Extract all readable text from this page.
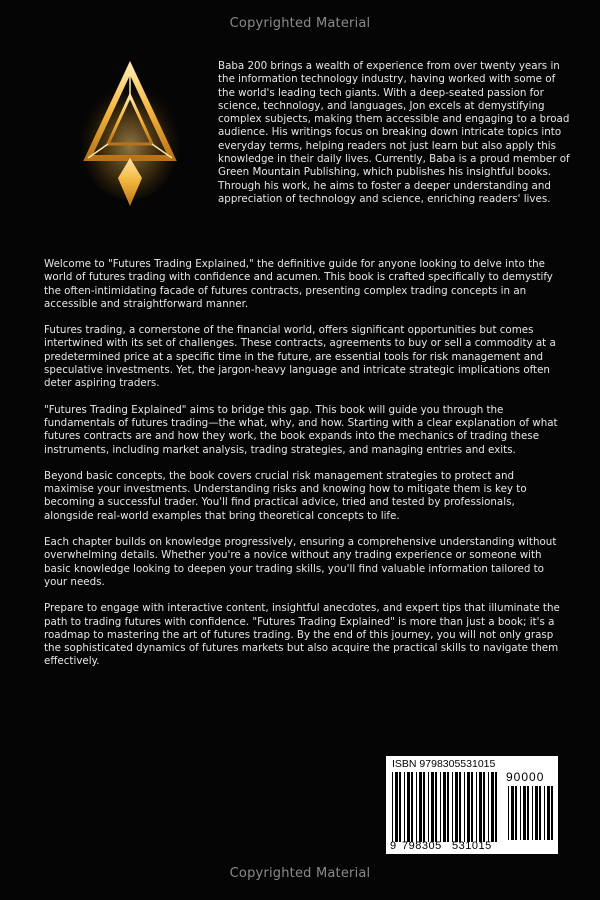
Copyrighted Material
Baba 200 brings a wealth of experience from over twenty years in the information technology industry, having worked with some of the world's leading tech giants. With a deep-seated passion for science, technology, and languages, Jon excels at demystifying complex subjects, making them accessible and engaging to a broad audience. His writings focus on breaking down intricate topics into everyday terms, helping readers not just learn but also apply this knowledge in their daily lives. Currently, Baba is a proud member of Green Mountain Publishing, which publishes his insightful books. Through his work, he aims to foster a deeper understanding and appreciation of technology and science, enriching readers' lives.

Welcome to "Futures Trading Explained," the definitive guide for anyone looking to delve into the world of futures trading with confidence and acumen. This book is crafted specifically to demystify the often-intimidating facade of futures contracts, presenting complex trading concepts in an accessible and straightforward manner.

Futures trading, a cornerstone of the financial world, offers significant opportunities but comes intertwined with its set of challenges. These contracts, agreements to buy or sell a commodity at a predetermined price at a specific time in the future, are essential tools for risk management and speculative investments. Yet, the jargon-heavy language and intricate strategic implications often deter aspiring traders.

"Futures Trading Explained" aims to bridge this gap. This book will guide you through the fundamentals of futures trading—the what, why, and how. Starting with a clear explanation of what futures contracts are and how they work, the book expands into the mechanics of trading these instruments, including market analysis, trading strategies, and managing entries and exits.

Beyond basic concepts, the book covers crucial risk management strategies to protect and maximise your investments. Understanding risks and knowing how to mitigate them is key to becoming a successful trader. You'll find practical advice, tried and tested by professionals, alongside real-world examples that bring theoretical concepts to life.

Each chapter builds on knowledge progressively, ensuring a comprehensive understanding without overwhelming details. Whether you're a novice without any trading experience or someone with basic knowledge looking to deepen your trading skills, you'll find valuable information tailored to your needs.

Prepare to engage with interactive content, insightful anecdotes, and expert tips that illuminate the path to trading futures with confidence. "Futures Trading Explained" is more than just a book; it's a roadmap to mastering the art of futures trading. By the end of this journey, you will not only grasp the sophisticated dynamics of futures markets but also acquire the practical skills to navigate them effectively.

ISBN 9798305531015
90000
9 798305 531015
Copyrighted Material
